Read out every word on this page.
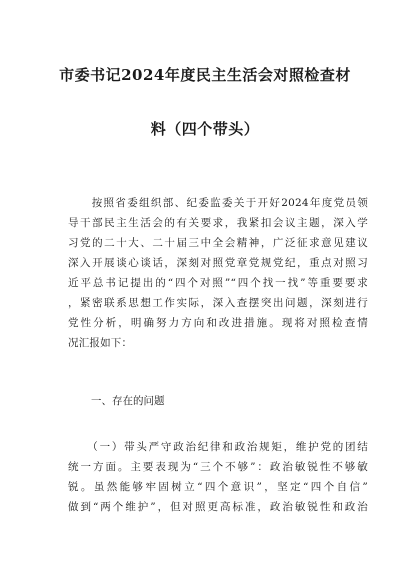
市委书记2024年度民主生活会对照检查材
料（四个带头）
　　按照省委组织部、纪委监委关于开好2024年度党员领
导干部民主生活会的有关要求，我紧扣会议主题，深入学
习党的二十大、二十届三中全会精神，广泛征求意见建议
深入开展谈心谈话，深刻对照党章党规党纪，重点对照习
近平总书记提出的“四个对照”“四个找一找”等重要要求
，紧密联系思想工作实际，深入查摆突出问题，深刻进行
党性分析，明确努力方向和改进措施。现将对照检查情
况汇报如下：
一、存在的问题
　　（一）带头严守政治纪律和政治规矩，维护党的团结
统一方面。主要表现为“三个不够”：政治敏锐性不够敏
锐。虽然能够牢固树立“四个意识”，坚定“四个自信”
做到“两个维护”，但对照更高标准，政治敏锐性和政治
